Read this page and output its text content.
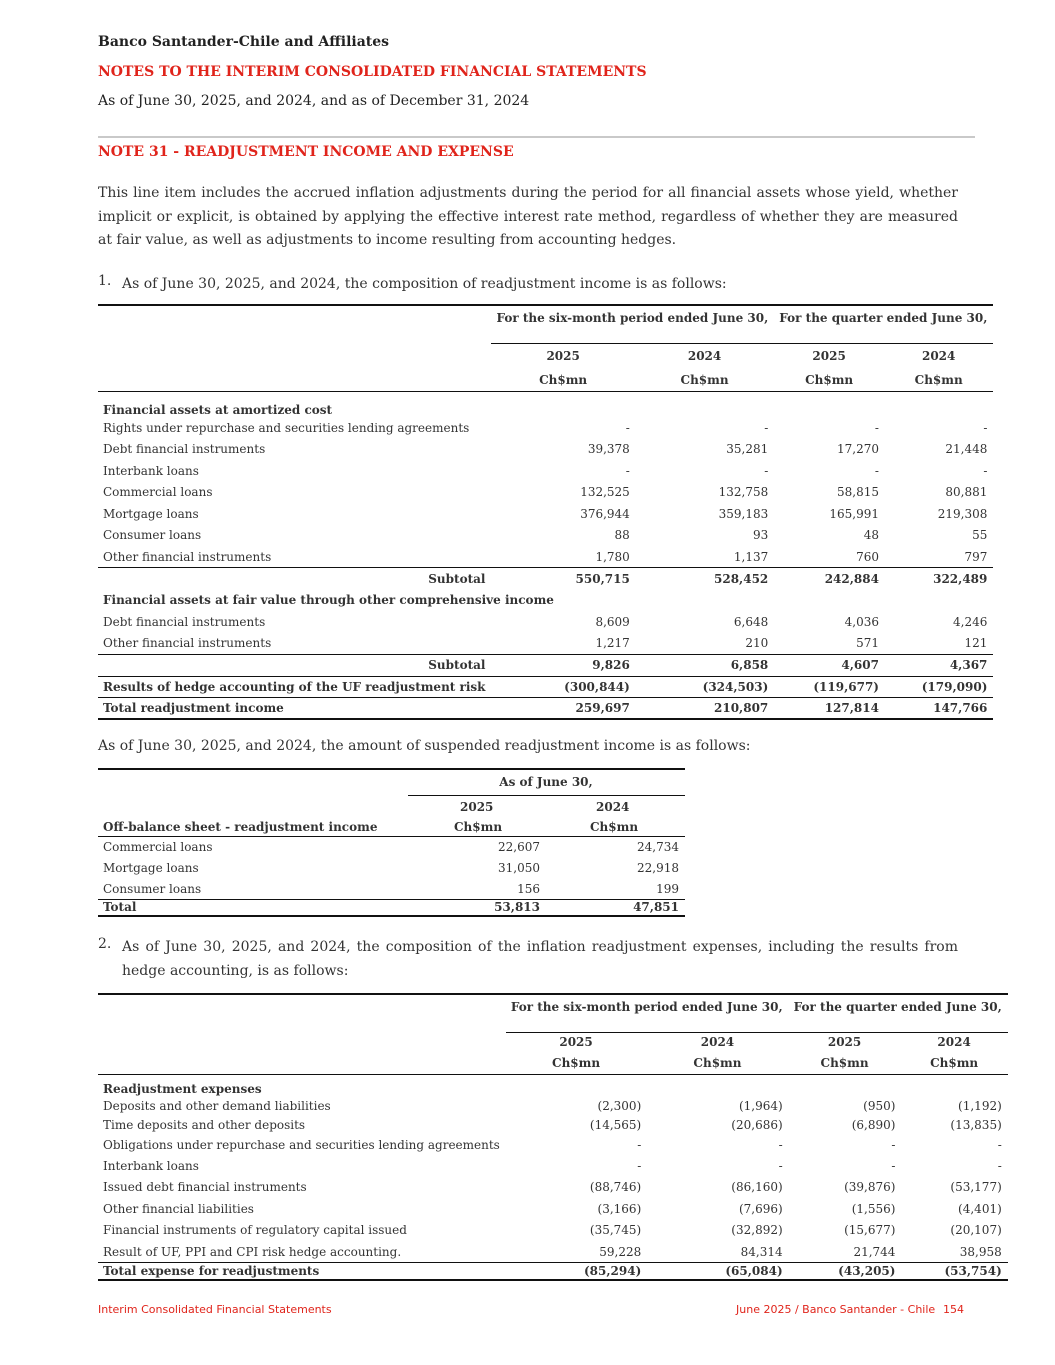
Banco Santander-Chile and Affiliates
NOTES TO THE INTERIM CONSOLIDATED FINANCIAL STATEMENTS
As of June 30, 2025, and 2024, and as of December 31, 2024
NOTE 31 - READJUSTMENT INCOME AND EXPENSE
This line item includes the accrued inflation adjustments during the period for all financial assets whose yield, whether implicit or explicit, is obtained by applying the effective interest rate method, regardless of whether they are measured at fair value, as well as adjustments to income resulting from accounting hedges.
1. As of June 30, 2025, and 2024, the composition of readjustment income is as follows:
	For the six-month period ended June 30,		For the quarter ended June 30,	
	2025	2024	2025	2024
	Ch$mn	Ch$mn	Ch$mn	Ch$mn
Financial assets at amortized cost				
Rights under repurchase and securities lending agreements	-	-	-	-
Debt financial instruments	39,378	35,281	17,270	21,448
Interbank loans	-	-	-	-
Commercial loans	132,525	132,758	58,815	80,881
Mortgage loans	376,944	359,183	165,991	219,308
Consumer loans	88	93	48	55
Other financial instruments	1,780	1,137	760	797
Subtotal	550,715	528,452	242,884	322,489
Financial assets at fair value through other comprehensive income				
Debt financial instruments	8,609	6,648	4,036	4,246
Other financial instruments	1,217	210	571	121
Subtotal	9,826	6,858	4,607	4,367
Results of hedge accounting of the UF readjustment risk	(300,844)	(324,503)	(119,677)	(179,090)
Total readjustment income	259,697	210,807	127,814	147,766
As of June 30, 2025, and 2024, the amount of suspended readjustment income is as follows:
	As of June 30,	
	2025	2024
Off-balance sheet - readjustment income	Ch$mn	Ch$mn
Commercial loans	22,607	24,734
Mortgage loans	31,050	22,918
Consumer loans	156	199
Total	53,813	47,851
2. As of June 30, 2025, and 2024, the composition of the inflation readjustment expenses, including the results from hedge accounting, is as follows:
	For the six-month period ended June 30,		For the quarter ended June 30,	
	2025	2024	2025	2024
	Ch$mn	Ch$mn	Ch$mn	Ch$mn
Readjustment expenses				
Deposits and other demand liabilities	(2,300)	(1,964)	(950)	(1,192)
Time deposits and other deposits	(14,565)	(20,686)	(6,890)	(13,835)
Obligations under repurchase and securities lending agreements	-	-	-	-
Interbank loans	-	-	-	-
Issued debt financial instruments	(88,746)	(86,160)	(39,876)	(53,177)
Other financial liabilities	(3,166)	(7,696)	(1,556)	(4,401)
Financial instruments of regulatory capital issued	(35,745)	(32,892)	(15,677)	(20,107)
Result of UF, PPI and CPI risk hedge accounting.	59,228	84,314	21,744	38,958
Total expense for readjustments	(85,294)	(65,084)	(43,205)	(53,754)
Interim Consolidated Financial Statements	June 2025 / Banco Santander - Chile 154
